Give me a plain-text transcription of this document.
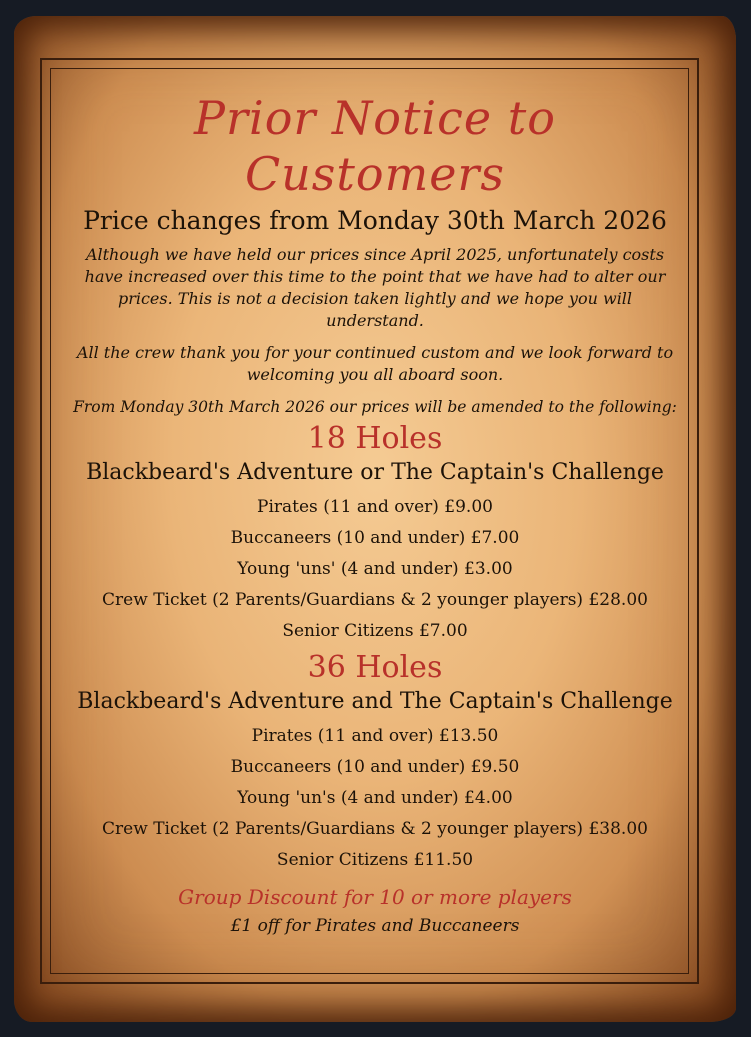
Prior Notice to Customers
Price changes from Monday 30th March 2026
Although we have held our prices since April 2025, unfortunately costs have increased over this time to the point that we have had to alter our prices. This is not a decision taken lightly and we hope you will understand.
All the crew thank you for your continued custom and we look forward to welcoming you all aboard soon.
From Monday 30th March 2026 our prices will be amended to the following:
18 Holes
Blackbeard's Adventure or The Captain's Challenge
Pirates (11 and over) £9.00
Buccaneers (10 and under) £7.00
Young 'uns' (4 and under) £3.00
Crew Ticket (2 Parents/Guardians & 2 younger players) £28.00
Senior Citizens £7.00
36 Holes
Blackbeard's Adventure and The Captain's Challenge
Pirates (11 and over) £13.50
Buccaneers (10 and under) £9.50
Young 'un's (4 and under) £4.00
Crew Ticket (2 Parents/Guardians & 2 younger players) £38.00
Senior Citizens £11.50
Group Discount for 10 or more players
£1 off for Pirates and Buccaneers
